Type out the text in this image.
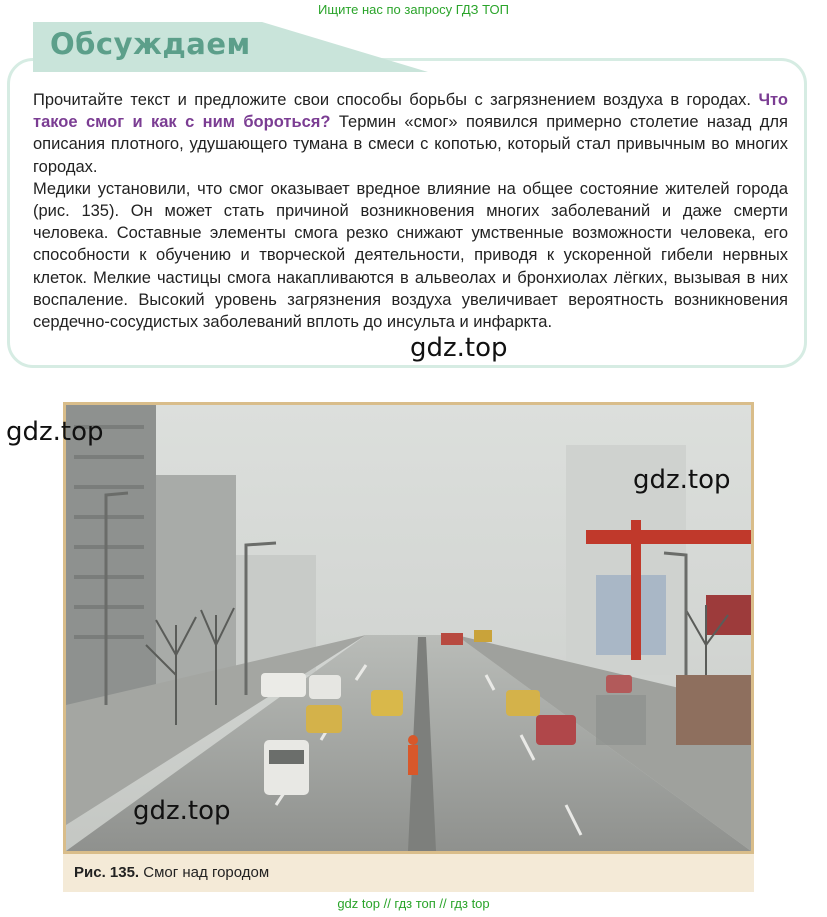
Ищите нас по запросу ГДЗ ТОП
Обсуждаем

Прочитайте текст и предложите свои способы борьбы с загрязнением воздуха в городах. Что такое смог и как с ним бороться? Термин «смог» появился примерно столетие назад для описания плотного, удушающего тумана в смеси с копотью, который стал привычным во многих городах.

Медики установили, что смог оказывает вредное влияние на общее состояние жителей города (рис. 135). Он может стать причиной возникновения многих заболеваний и даже смерти человека. Составные элементы смога резко снижают умственные возможности человека, его способности к обучению и творческой деятельности, приводя к ускоренной гибели нервных клеток. Мелкие частицы смога накапливаются в альвеолах и бронхиолах лёгких, вызывая в них воспаление. Высокий уровень загрязнения воздуха увеличивает вероятность возникновения сердечно-сосудистых заболеваний вплоть до инсульта и инфаркта.

gdz.top
gdz.top
gdz.top
gdz.top
Рис. 135. Смог над городом
gdz top // гдз топ // гдз top
